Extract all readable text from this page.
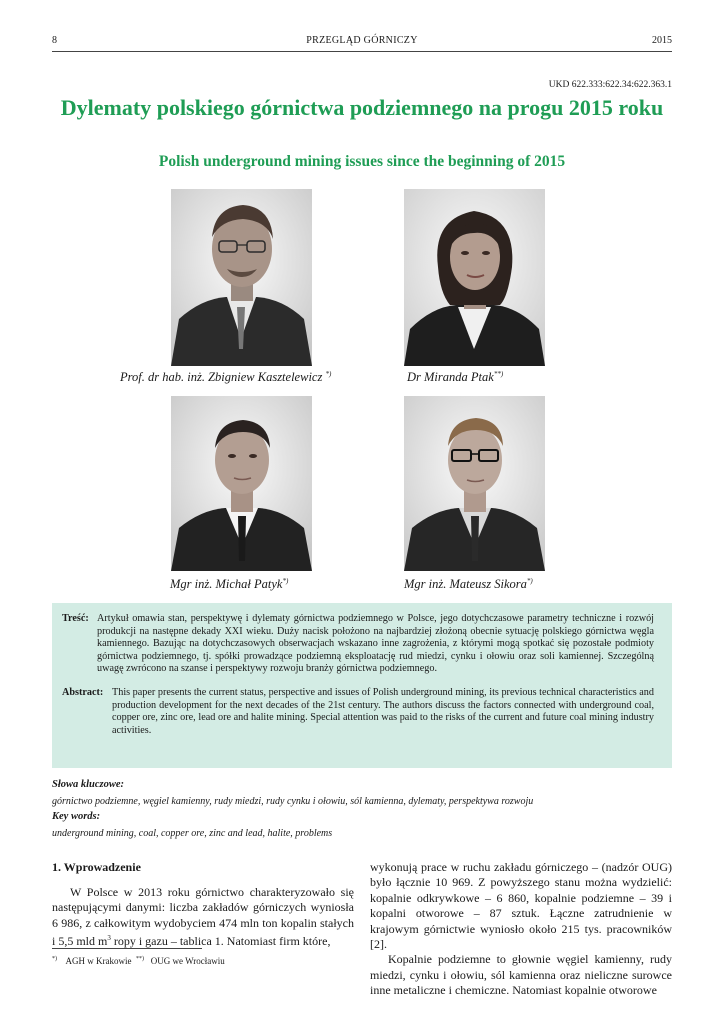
8	PRZEGLĄD GÓRNICZY	2015
UKD 622.333:622.34:622.363.1
Dylematy polskiego górnictwa podziemnego na progu 2015 roku
Polish underground mining issues since the beginning of 2015
Prof. dr hab. inż. Zbigniew Kasztelewicz *)	Dr Miranda Ptak**)
Mgr inż. Michał Patyk*)	Mgr inż. Mateusz Sikora*)
Treść: Artykuł omawia stan, perspektywę i dylematy górnictwa podziemnego w Polsce, jego dotychczasowe parametry techniczne i rozwój produkcji na następne dekady XXI wieku. Duży nacisk położono na najbardziej złożoną obecnie sytuację polskiego górnictwa węgla kamiennego. Bazując na dotychczasowych obserwacjach wskazano inne zagrożenia, z którymi mogą spotkać się pozostałe podmioty górnictwa podziemnego, tj. spółki prowadzące podziemną eksploatację rud miedzi, cynku i ołowiu oraz soli kamiennej. Szczególną uwagę zwrócono na szanse i perspektywy rozwoju branży górnictwa podziemnego.
Abstract: This paper presents the current status, perspective and issues of Polish underground mining, its previous technical characteristics and production development for the next decades of the 21st century. The authors discuss the factors connected with underground coal, copper ore, zinc ore, lead ore and halite mining. Special attention was paid to the risks of the current and future coal mining industry activities.
Słowa kluczowe:
górnictwo podziemne, węgiel kamienny, rudy miedzi, rudy cynku i ołowiu, sól kamienna, dylematy, perspektywa rozwoju
Key words:
underground mining, coal, copper ore, zinc and lead, halite, problems
1. Wprowadzenie

W Polsce w 2013 roku górnictwo charakteryzowało się następującymi danymi: liczba zakładów górniczych wyniosła 6 986, z całkowitym wydobyciem 474 mln ton kopalin stałych i 5,5 mld $m^3$ ropy i gazu – tablica 1. Natomiast firm które,

wykonują prace w ruchu zakładu górniczego – (nadzór OUG) było łącznie 10 969. Z powyższego stanu można wydzielić: kopalnie odkrywkowe – 6 860, kopalnie podziemne – 39 i kopalni otworowe – 87 sztuk. Łączne zatrudnienie w krajowym górnictwie wyniosło około 215 tys. pracowników [2].

Kopalnie podziemne to głownie węgiel kamienny, rudy miedzi, cynku i ołowiu, sól kamienna oraz nieliczne surowce inne metaliczne i chemiczne. Natomiast kopalnie otworowe

*)    AGH w Krakowie  **)   OUG we Wrocławiu
